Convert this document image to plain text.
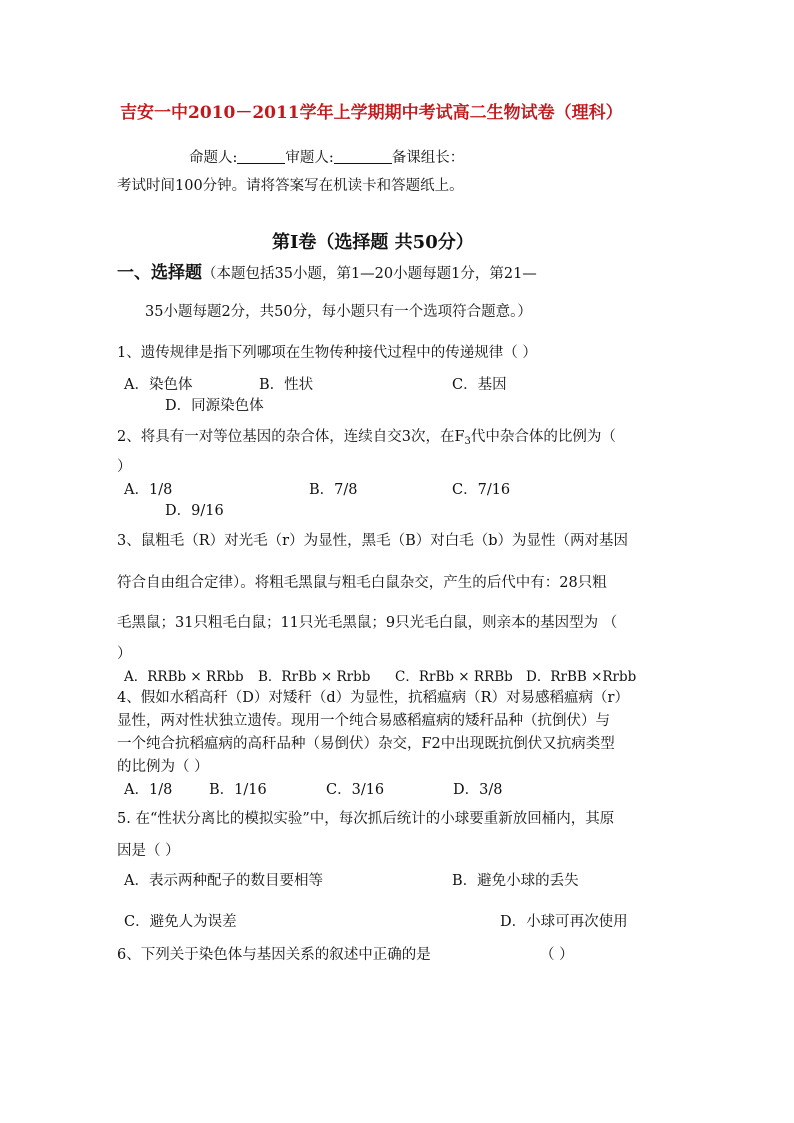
吉安一中2010－2011学年上学期期中考试高二生物试卷（理科）
命题人:	审题人:	备课组长：
考试时间100分钟。请将答案写在机读卡和答题纸上。
第Ⅰ卷（选择题 共50分）
一、选择题（本题包括35小题，第1—20小题每题1分，第21—
35小题每题2分，共50分，每小题只有一个选项符合题意。）
1、遗传规律是指下列哪项在生物传种接代过程中的传递规律（ ）
A．染色体	B．性状	C．基因
D．同源染色体
2、将具有一对等位基因的杂合体，连续自交3次，在$F_3$代中杂合体的比例为（
）
A．1/8	B．7/8	C．7/16
D．9/16
3、鼠粗毛（R）对光毛（r）为显性，黑毛（B）对白毛（b）为显性（两对基因
符合自由组合定律）。将粗毛黑鼠与粗毛白鼠杂交，产生的后代中有：28只粗
毛黑鼠；31只粗毛白鼠；11只光毛黑鼠；9只光毛白鼠，则亲本的基因型为 （
）
A．RRBb × RRbb B．RrBb × Rrbb C．RrBb × RRBb D．RrBB ×Rrbb
4、假如水稻高秆（D）对矮秆（d）为显性，抗稻瘟病（R）对易感稻瘟病（r）
显性，两对性状独立遗传。现用一个纯合易感稻瘟病的矮秆品种（抗倒伏）与
一个纯合抗稻瘟病的高秆品种（易倒伏）杂交，F2中出现既抗倒伏又抗病类型
的比例为（ ）
A．1/8	B．1/16	C．3/16	D．3/8
5. 在“性状分离比的模拟实验”中，每次抓后统计的小球要重新放回桶内，其原
因是（ ）
A．表示两种配子的数目要相等	B．避免小球的丢失
C．避免人为误差	D．小球可再次使用
6、下列关于染色体与基因关系的叙述中正确的是	（ ）
